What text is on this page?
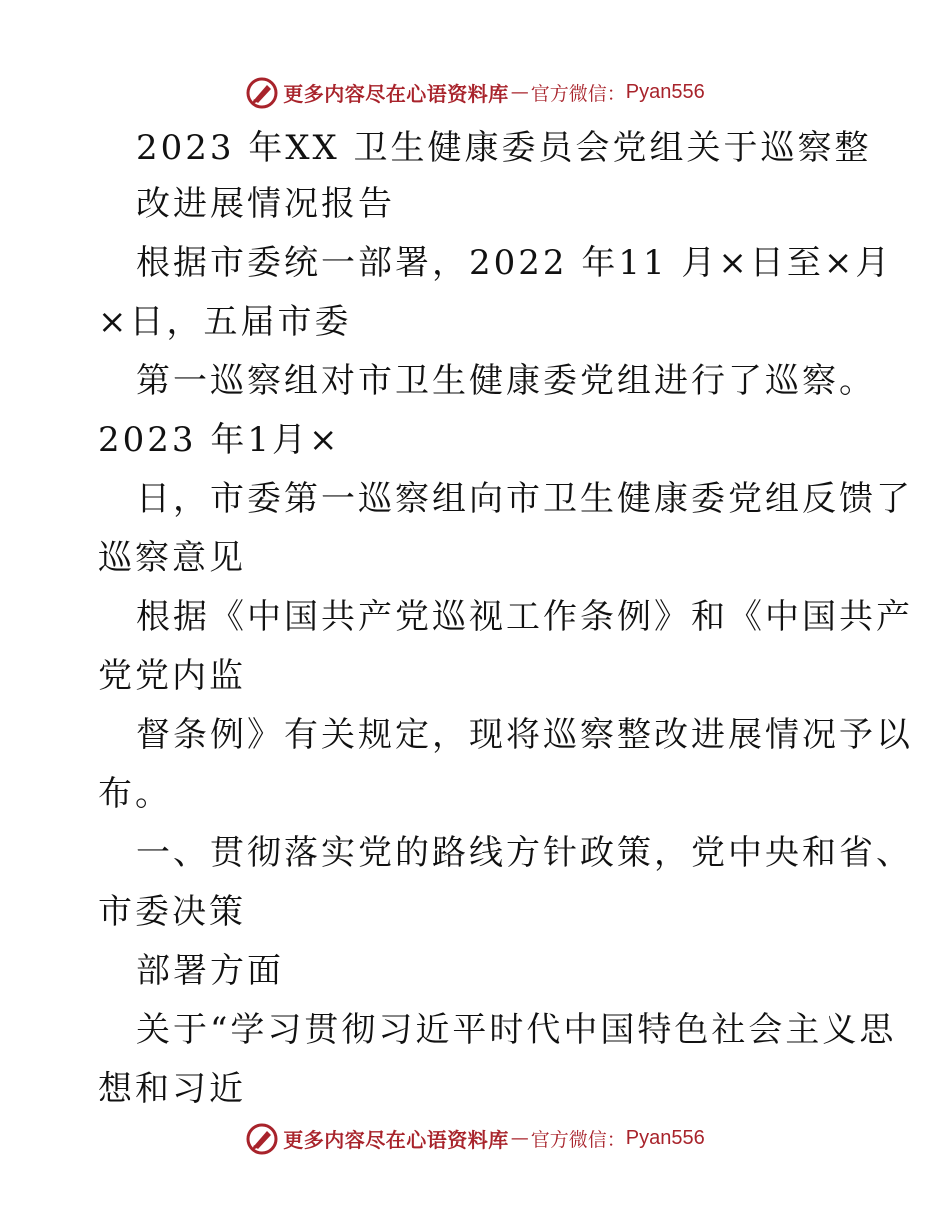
更多内容尽在心语资料库 — 官方微信： Pyan556
2023 年XX 卫生健康委员会党组关于巡察整
改进展情况报告
根据市委统一部署，2022 年11 月×日至×月
×日，五届市委
第一巡察组对市卫生健康委党组进行了巡察。
2023 年1月×
日，市委第一巡察组向市卫生健康委党组反馈了
巡察意见
根据《中国共产党巡视工作条例》和《中国共产
党党内监
督条例》有关规定，现将巡察整改进展情况予以
布。
一、贯彻落实党的路线方针政策，党中央和省、
市委决策
部署方面
关于“学习贯彻习近平时代中国特色社会主义思
想和习近
更多内容尽在心语资料库 — 官方微信： Pyan556
